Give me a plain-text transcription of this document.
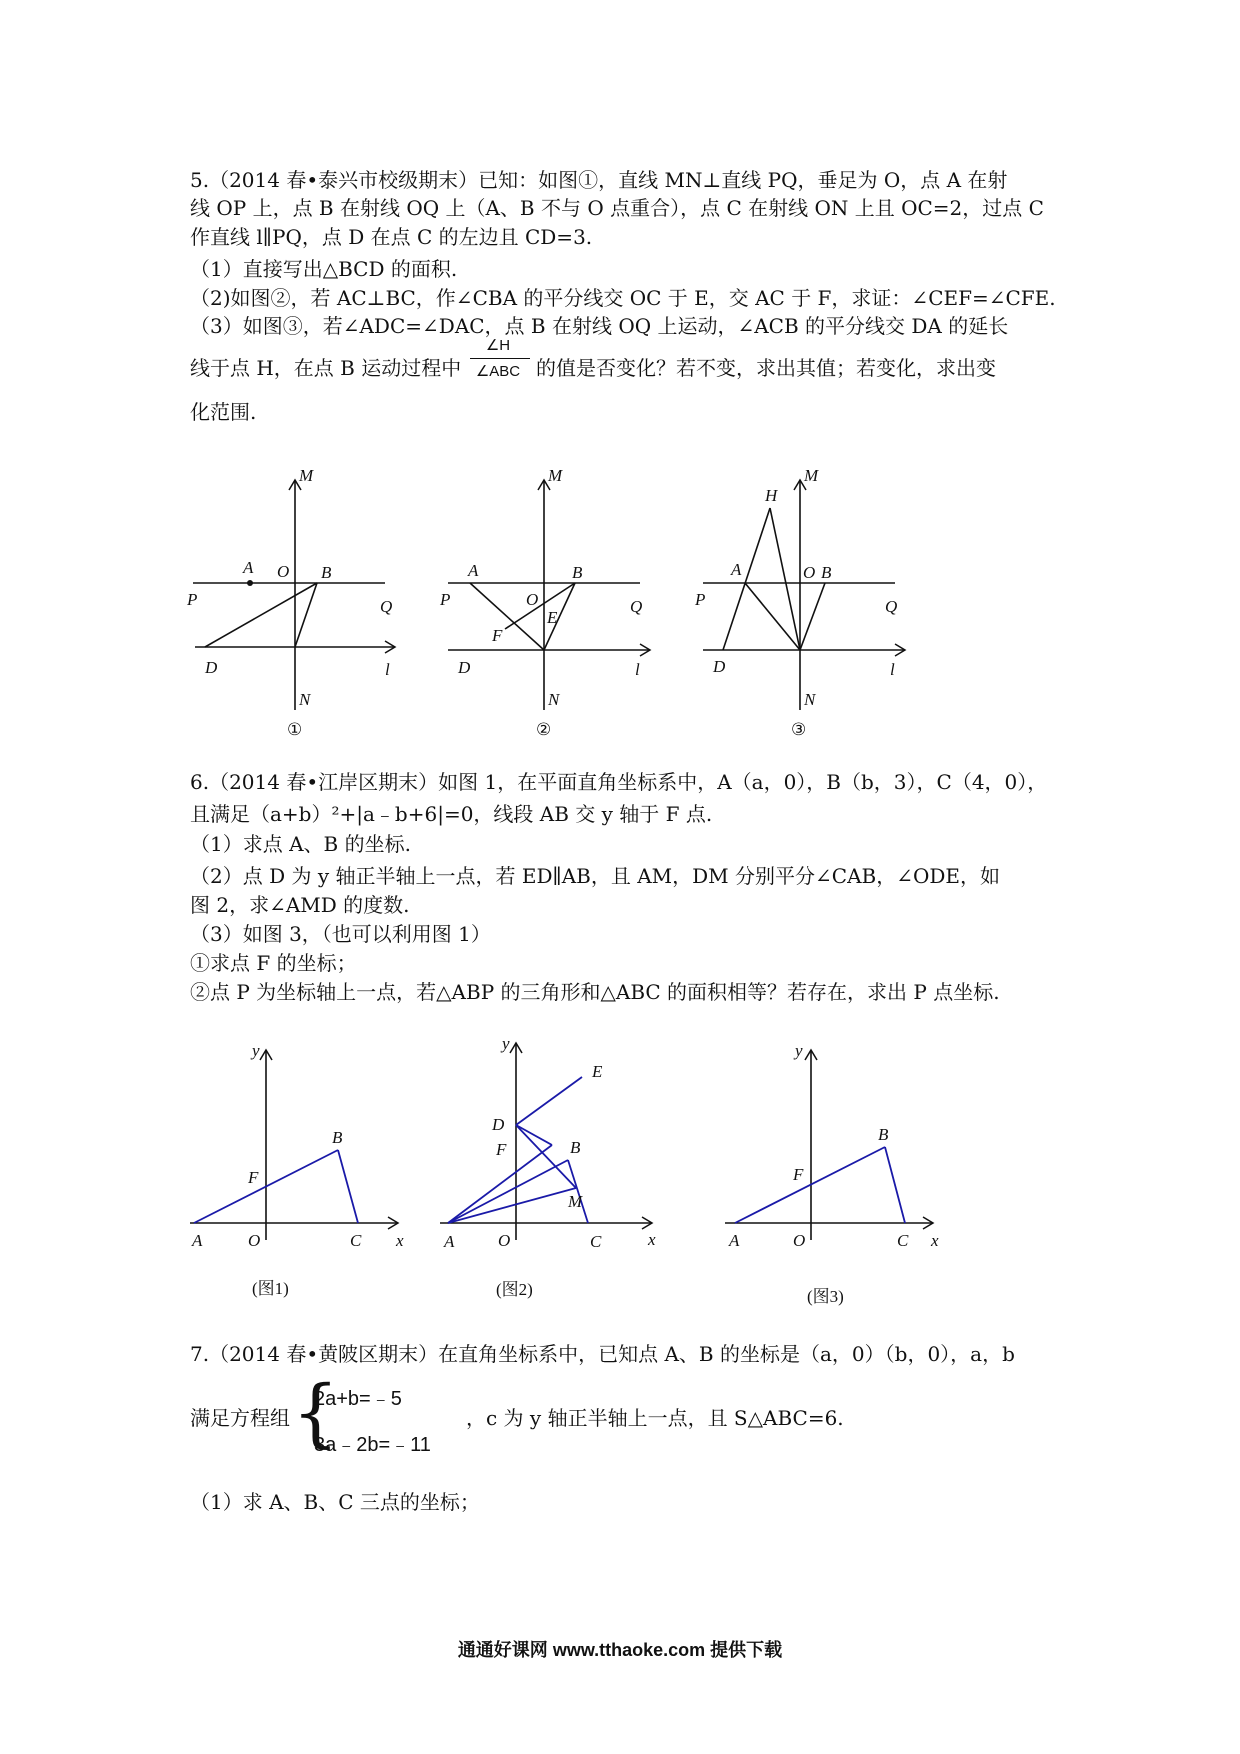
5.（2014 春•泰兴市校级期末）已知：如图①，直线 MN⊥直线 PQ，垂足为 O，点 A 在射
线 OP 上，点 B 在射线 OQ 上（A、B 不与 O 点重合），点 C 在射线 ON 上且 OC=2，过点 C
作直线 l∥PQ，点 D 在点 C 的左边且 CD=3.
（1）直接写出△BCD 的面积.
（2)如图②，若 AC⊥BC，作∠CBA 的平分线交 OC 于 E，交 AC 于 F，求证：∠CEF=∠CFE.
（3）如图③，若∠ADC=∠DAC，点 B 在射线 OQ 上运动，∠ACB 的平分线交 DA 的延长
线于点 H，在点 B 运动过程中
∠H
∠ABC 的值是否变化？若不变，求出其值；若变化，求出变
化范围.
M
N
P	Q
O
A	B
D	l
①
M
N
P	Q
O
A	B
E
F
D	l
②
H
M
N
P	Q
O
A	B
D	l
③
6.（2014 春•江岸区期末）如图 1，在平面直角坐标系中，A（a，0），B（b，3），C（4，0），
且满足（a+b）²+|a﹣b+6|=0，线段 AB 交 y 轴于 F 点.
（1）求点 A、B 的坐标.
（2）点 D 为 y 轴正半轴上一点，若 ED∥AB，且 AM，DM 分别平分∠CAB，∠ODE，如
图 2，求∠AMD 的度数.
（3）如图 3，（也可以利用图 1）
①求点 F 的坐标；
②点 P 为坐标轴上一点，若△ABP 的三角形和△ABC 的面积相等？若存在，求出 P 点坐标.
y
x
A	O	C
B
F
(图1)
y
x
A	O	C
B
F
D
E
M
(图2)
y
x
A	O	C
B
F
(图3)
7.（2014 春•黄陂区期末）在直角坐标系中，已知点 A、B 的坐标是（a，0）（b，0），a，b
满足方程组 {
2a+b=﹣5
3a﹣2b=﹣11
，c 为 y 轴正半轴上一点，且 S△ABC=6.
（1）求 A、B、C 三点的坐标；
通通好课网 www.tthaoke.com 提供下载
